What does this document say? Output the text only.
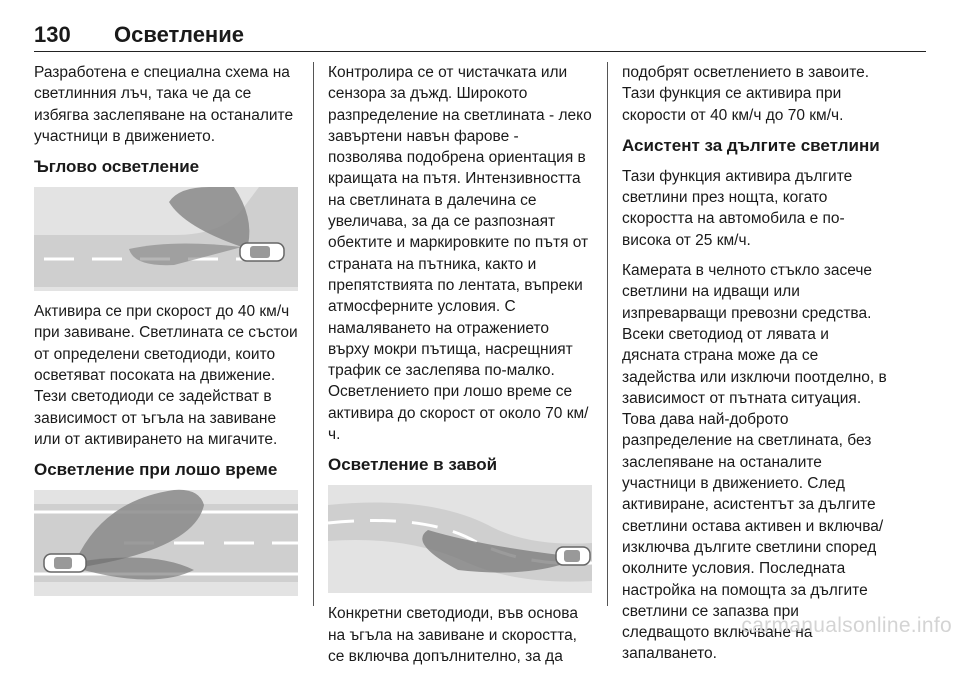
130 Осветление

Разработена е специална схема на светлинния лъч, така че да се избягва заслепяване на останалите участници в движението.

Ъглово осветление

Активира се при скорост до 40 км/ч при завиване. Светлината се състои от определени светодиоди, които осветяват посоката на движение. Тези светодиоди се задействат в зависимост от ъгъла на завиване или от активирането на мигачите.

Осветление при лошо време

Контролира се от чистачката или сензора за дъжд. Широкото разпределение на светлината - леко завъртени навън фарове - позволява подобрена ориентация в краищата на пътя. Интензивността на светлината в далечина се увеличава, за да се разпознаят обектите и маркировките по пътя от страната на пътника, както и препятствията по лентата, въпреки атмосферните условия. С намаляването на отражението върху мокри пътища, насрещният трафик се заслепява по-малко. Осветлението при лошо време се активира до скорост от около 70 км/ч.

Осветление в завой

Конкретни светодиоди, във основа на ъгъла на завиване и скоростта, се включва допълнително, за да

подобрят осветлението в завоите. Тази функция се активира при скорости от 40 км/ч до 70 км/ч.

Асистент за дългите светлини

Тази функция активира дългите светлини през нощта, когато скоростта на автомобила е по-висока от 25 км/ч.

Камерата в челното стъкло засече светлини на идващи или изпреварващи превозни средства. Всеки светодиод от лявата и дясната страна може да се задейства или изключи поотделно, в зависимост от пътната ситуация. Това дава най-доброто разпределение на светлината, без заслепяване на останалите участници в движението. След активиране, асистентът за дългите светлини остава активен и включва/изключва дългите светлини според околните условия. Последната настройка на помощта за дългите светлини се запазва при следващото включване на запалването.

carmanualsonline.info
